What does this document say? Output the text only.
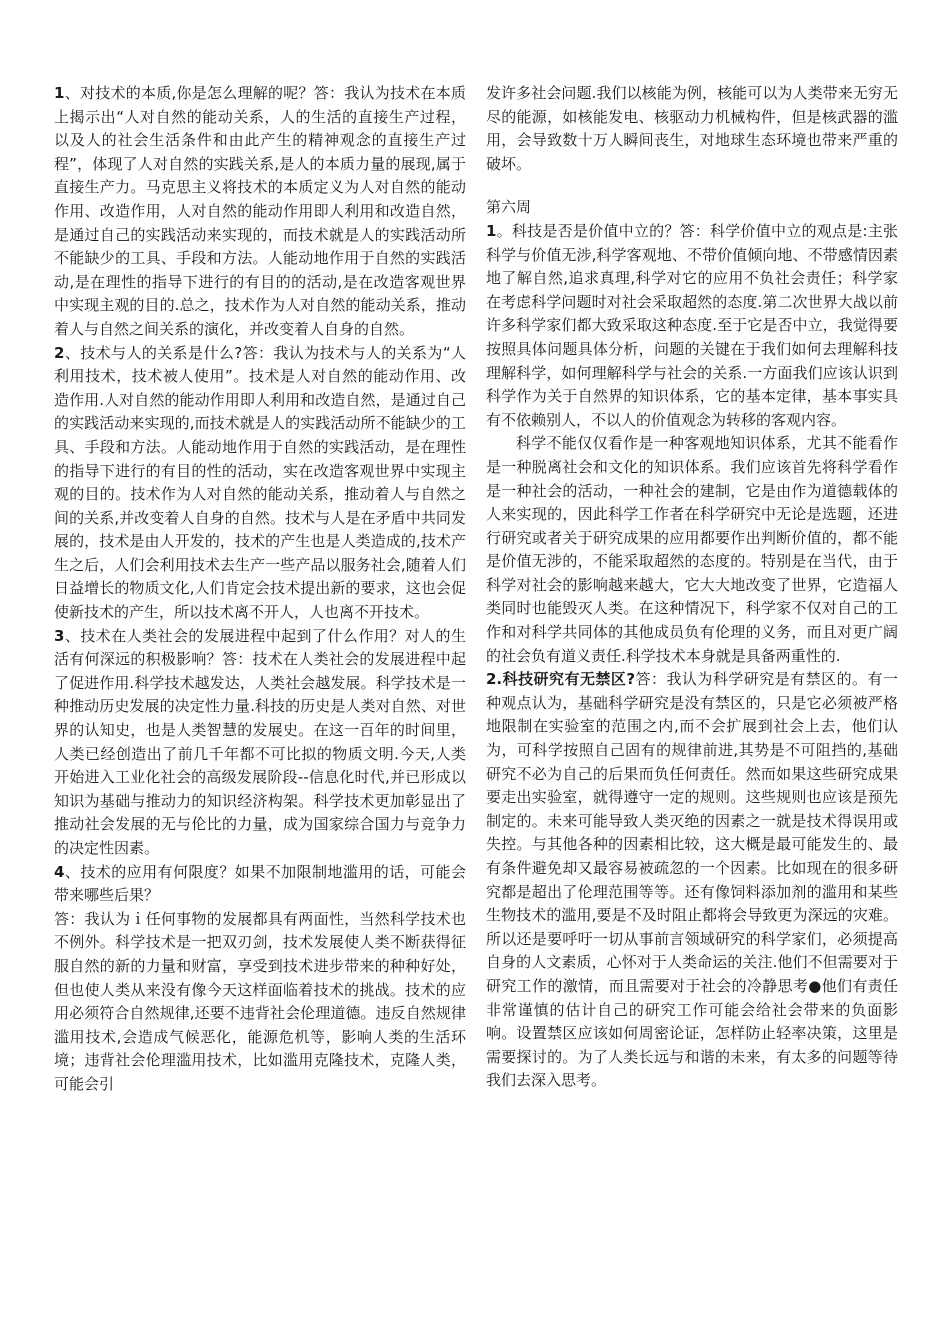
1、对技术的本质,你是怎么理解的呢？答：我认为技术在本质上揭示出“人对自然的能动关系，人的生活的直接生产过程，以及人的社会生活条件和由此产生的精神观念的直接生产过程”，体现了人对自然的实践关系,是人的本质力量的展现,属于直接生产力。马克思主义将技术的本质定义为人对自然的能动作用、改造作用，人对自然的能动作用即人利用和改造自然，是通过自己的实践活动来实现的，而技术就是人的实践活动所不能缺少的工具、手段和方法。人能动地作用于自然的实践活动,是在理性的指导下进行的有目的的活动,是在改造客观世界中实现主观的目的.总之，技术作为人对自然的能动关系，推动着人与自然之间关系的演化，并改变着人自身的自然。

2、技术与人的关系是什么?答：我认为技术与人的关系为“人利用技术，技术被人使用”。技术是人对自然的能动作用、改造作用.人对自然的能动作用即人利用和改造自然，是通过自己的实践活动来实现的,而技术就是人的实践活动所不能缺少的工具、手段和方法。人能动地作用于自然的实践活动，是在理性的指导下进行的有目的性的活动，实在改造客观世界中实现主观的目的。技术作为人对自然的能动关系，推动着人与自然之间的关系,并改变着人自身的自然。技术与人是在矛盾中共同发展的，技术是由人开发的，技术的产生也是人类造成的,技术产生之后，人们会利用技术去生产一些产品以服务社会,随着人们日益增长的物质文化,人们肯定会技术提出新的要求，这也会促使新技术的产生，所以技术离不开人，人也离不开技术。

3、技术在人类社会的发展进程中起到了什么作用？对人的生活有何深远的积极影响？答：技术在人类社会的发展进程中起了促进作用.科学技术越发达，人类社会越发展。科学技术是一种推动历史发展的决定性力量.科技的历史是人类对自然、对世界的认知史，也是人类智慧的发展史。在这一百年的时间里，人类已经创造出了前几千年都不可比拟的物质文明.今天,人类开始进入工业化社会的高级发展阶段--信息化时代,并已形成以知识为基础与推动力的知识经济构架。科学技术更加彰显出了推动社会发展的无与伦比的力量，成为国家综合国力与竞争力的决定性因素。

4、技术的应用有何限度？如果不加限制地滥用的话，可能会带来哪些后果？

答：我认为ｉ任何事物的发展都具有两面性，当然科学技术也不例外。科学技术是一把双刃剑，技术发展使人类不断获得征服自然的新的力量和财富，享受到技术进步带来的种种好处，但也使人类从来没有像今天这样面临着技术的挑战。技术的应用必须符合自然规律,还要不违背社会伦理道德。违反自然规律滥用技术,会造成气候恶化，能源危机等，影响人类的生活环境；违背社会伦理滥用技术，比如滥用克隆技术，克隆人类，可能会引

发许多社会问题.我们以核能为例，核能可以为人类带来无穷无尽的能源，如核能发电、核驱动力机械构件，但是核武器的滥用，会导致数十万人瞬间丧生，对地球生态环境也带来严重的破坏。

第六周

1。科技是否是价值中立的？答：科学价值中立的观点是:主张科学与价值无涉,科学客观地、不带价值倾向地、不带感情因素地了解自然,追求真理,科学对它的应用不负社会责任；科学家在考虑科学问题时对社会采取超然的态度.第二次世界大战以前许多科学家们都大致采取这种态度.至于它是否中立，我觉得要按照具体问题具体分析，问题的关键在于我们如何去理解科技理解科学，如何理解科学与社会的关系.一方面我们应该认识到科学作为关于自然界的知识体系，它的基本定律，基本事实具有不依赖别人，不以人的价值观念为转移的客观内容。

科学不能仅仅看作是一种客观地知识体系，尤其不能看作是一种脱离社会和文化的知识体系。我们应该首先将科学看作是一种社会的活动，一种社会的建制，它是由作为道德载体的人来实现的，因此科学工作者在科学研究中无论是选题，还进行研究或者关于研究成果的应用都要作出判断价值的，都不能是价值无涉的，不能采取超然的态度的。特别是在当代，由于科学对社会的影响越来越大，它大大地改变了世界，它造福人类同时也能毁灭人类。在这种情况下，科学家不仅对自己的工作和对科学共同体的其他成员负有伦理的义务，而且对更广阔的社会负有道义责任.科学技术本身就是具备两重性的.

2.科技研究有无禁区?答：我认为科学研究是有禁区的。有一种观点认为，基础科学研究是没有禁区的，只是它必须被严格地限制在实验室的范围之内,而不会扩展到社会上去，他们认为，可科学按照自己固有的规律前进,其势是不可阻挡的,基础研究不必为自己的后果而负任何责任。然而如果这些研究成果要走出实验室，就得遵守一定的规则。这些规则也应该是预先制定的。未来可能导致人类灭绝的因素之一就是技术得误用或失控。与其他各种的因素相比较，这大概是最可能发生的、最有条件避免却又最容易被疏忽的一个因素。比如现在的很多研究都是超出了伦理范围等等。还有像饲料添加剂的滥用和某些生物技术的滥用,要是不及时阻止都将会导致更为深远的灾难。所以还是要呼吁一切从事前言领域研究的科学家们，必须提高自身的人文素质，心怀对于人类命运的关注.他们不但需要对于研究工作的激情，而且需要对于社会的冷静思考●他们有责任非常谨慎的估计自己的研究工作可能会给社会带来的负面影响。设置禁区应该如何周密论证，怎样防止轻率决策，这里是需要探讨的。为了人类长远与和谐的未来，有太多的问题等待我们去深入思考。
